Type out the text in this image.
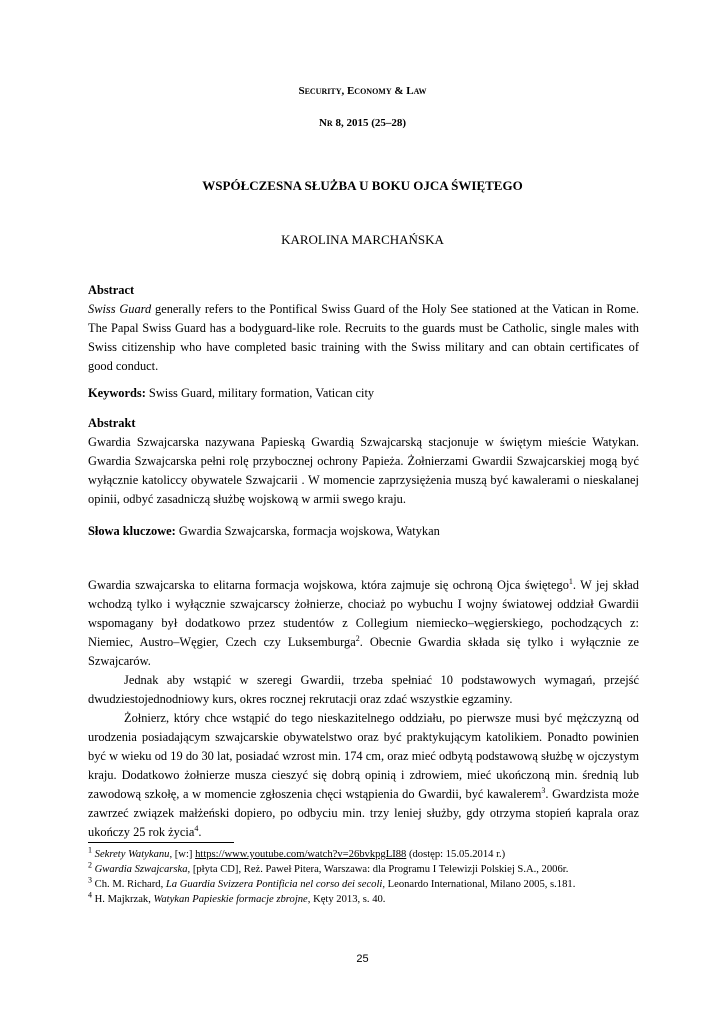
Security, Economy & Law
Nr 8, 2015 (25–28)
WSPÓŁCZESNA SŁUŻBA U BOKU OJCA ŚWIĘTEGO
KAROLINA MARCHAŃSKA
Abstract
Swiss Guard generally refers to the Pontifical Swiss Guard of the Holy See stationed at the Vatican in Rome. The Papal Swiss Guard has a bodyguard-like role. Recruits to the guards must be Catholic, single males with Swiss citizenship who have completed basic training with the Swiss military and can obtain certificates of good conduct.
Keywords: Swiss Guard, military formation, Vatican city
Abstrakt
Gwardia Szwajcarska nazywana Papieską Gwardią Szwajcarską stacjonuje w świętym mieście Watykan. Gwardia Szwajcarska pełni rolę przybocznej ochrony Papieża. Żołnierzami Gwardii Szwajcarskiej mogą być wyłącznie katoliccy obywatele Szwajcarii . W momencie zaprzysiężenia muszą być kawalerami o nieskalanej opinii, odbyć zasadniczą służbę wojskową w armii swego kraju.
Słowa kluczowe: Gwardia Szwajcarska, formacja wojskowa, Watykan

Gwardia szwajcarska to elitarna formacja wojskowa, która zajmuje się ochroną Ojca świętego$^1$. W jej skład wchodzą tylko i wyłącznie szwajcarscy żołnierze, chociaż po wybuchu I wojny światowej oddział Gwardii wspomagany był dodatkowo przez studentów z Collegium niemiecko–węgierskiego, pochodzących z: Niemiec, Austro–Węgier, Czech czy Luksemburga$^2$. Obecnie Gwardia składa się tylko i wyłącznie ze Szwajcarów.

Jednak aby wstąpić w szeregi Gwardii, trzeba spełniać 10 podstawowych wymagań, przejść dwudziestojednodniowy kurs, okres rocznej rekrutacji oraz zdać wszystkie egzaminy.

Żołnierz, który chce wstąpić do tego nieskazitelnego oddziału, po pierwsze musi być mężczyzną od urodzenia posiadającym szwajcarskie obywatelstwo oraz być praktykującym katolikiem. Ponadto powinien być w wieku od 19 do 30 lat, posiadać wzrost min. 174 cm, oraz mieć odbytą podstawową służbę w ojczystym kraju. Dodatkowo żołnierze musza cieszyć się dobrą opinią i zdrowiem, mieć ukończoną min. średnią lub zawodową szkołę, a w momencie zgłoszenia chęci wstąpienia do Gwardii, być kawalerem$^3$. Gwardzista może zawrzeć związek małżeński dopiero, po odbyciu min. trzy leniej służby, gdy otrzyma stopień kaprala oraz ukończy 25 rok życia$^4$.

$^1$ Sekrety Watykanu, [w:] https://www.youtube.com/watch?v=26bvkpgLI88 (dostęp: 15.05.2014 r.)

$^2$ Gwardia Szwajcarska, [płyta CD], Reż. Paweł Pitera, Warszawa: dla Programu I Telewizji Polskiej S.A., 2006r.

$^3$ Ch. M. Richard, La Guardia Svizzera Pontificia nel corso dei secoli, Leonardo International, Milano 2005, s.181.

$^4$ H. Majkrzak, Watykan Papieskie formacje zbrojne, Kęty 2013, s. 40.

25
